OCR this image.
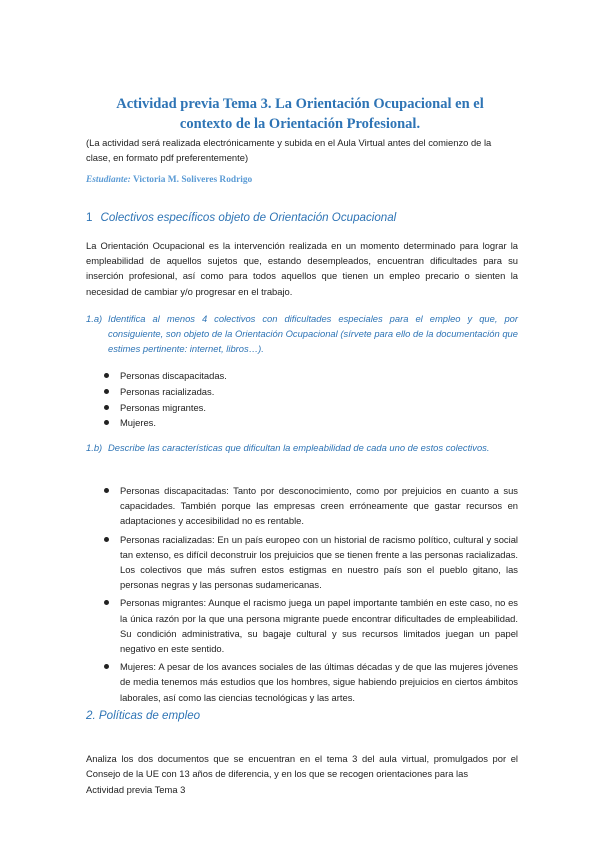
Actividad previa Tema 3. La Orientación Ocupacional en el
contexto de la Orientación Profesional.
(La actividad será realizada electrónicamente y subida en el Aula Virtual antes del comienzo de la clase, en formato pdf preferentemente)
Estudiante: Victoria M. Soliveres Rodrigo
1 Colectivos específicos objeto de Orientación Ocupacional
La Orientación Ocupacional es la intervención realizada en un momento determinado para lograr la empleabilidad de aquellos sujetos que, estando desempleados, encuentran dificultades para su inserción profesional, así como para todos aquellos que tienen un empleo precario o sienten la necesidad de cambiar y/o progresar en el trabajo.
1.a) Identifica al menos 4 colectivos con dificultades especiales para el empleo y que, por consiguiente, son objeto de la Orientación Ocupacional (sírvete para ello de la documentación que estimes pertinente: internet, libros…).
Personas discapacitadas.
Personas racializadas.
Personas migrantes.
Mujeres.
1.b) Describe las características que dificultan la empleabilidad de cada uno de estos colectivos.
Personas discapacitadas: Tanto por desconocimiento, como por prejuicios en cuanto a sus capacidades. También porque las empresas creen erróneamente que gastar recursos en adaptaciones y accesibilidad no es rentable.
Personas racializadas: En un país europeo con un historial de racismo político, cultural y social tan extenso, es difícil deconstruir los prejuicios que se tienen frente a las personas racializadas. Los colectivos que más sufren estos estigmas en nuestro país son el pueblo gitano, las personas negras y las personas sudamericanas.
Personas migrantes: Aunque el racismo juega un papel importante también en este caso, no es la única razón por la que una persona migrante puede encontrar dificultades de empleabilidad. Su condición administrativa, su bagaje cultural y sus recursos limitados juegan un papel negativo en este sentido.
Mujeres: A pesar de los avances sociales de las últimas décadas y de que las mujeres jóvenes de media tenemos más estudios que los hombres, sigue habiendo prejuicios en ciertos ámbitos laborales, así como las ciencias tecnológicas y las artes.
2. Políticas de empleo
Analiza los dos documentos que se encuentran en el tema 3 del aula virtual, promulgados por el Consejo de la UE con 13 años de diferencia, y en los que se recogen orientaciones para las
Actividad previa Tema 3
